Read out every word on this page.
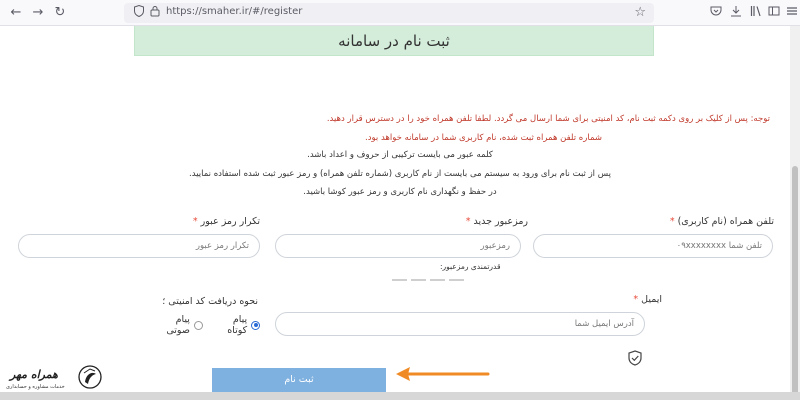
← → ↻	https://smaher.ir/#/register	☆
ثبت نام در سامانه
توجه: پس از کلیک بر روی دکمه ثبت نام، کد امنیتی برای شما ارسال می گردد. لطفا تلفن همراه خود را در دسترس قرار دهید.
شماره تلفن همراه ثبت شده، نام کاربری شما در سامانه خواهد بود.
کلمه عبور می بایست ترکیبی از حروف و اعداد باشد.
پس از ثبت نام برای ورود به سیستم می بایست از نام کاربری (شماره تلفن همراه) و رمز عبور ثبت شده استفاده نمایید.
در حفظ و نگهداری نام کاربری و رمز عبور کوشا باشید.
تلفن همراه (نام کاربری)*
رمزعبور جدید*
تکرار رمز عبور*
تلفن شما ۰۹xxxxxxxx
رمزعبور
تکرار رمز عبور
قدرتمندی رمزعبور:
ایمیل*
آدرس ایمیل شما
نحوه دریافت کد امنیتی ؛
پیام کوتاه
پیام صوتی
ثبت نام
همراه مهر
خدمات مشاوره و حسابداری
